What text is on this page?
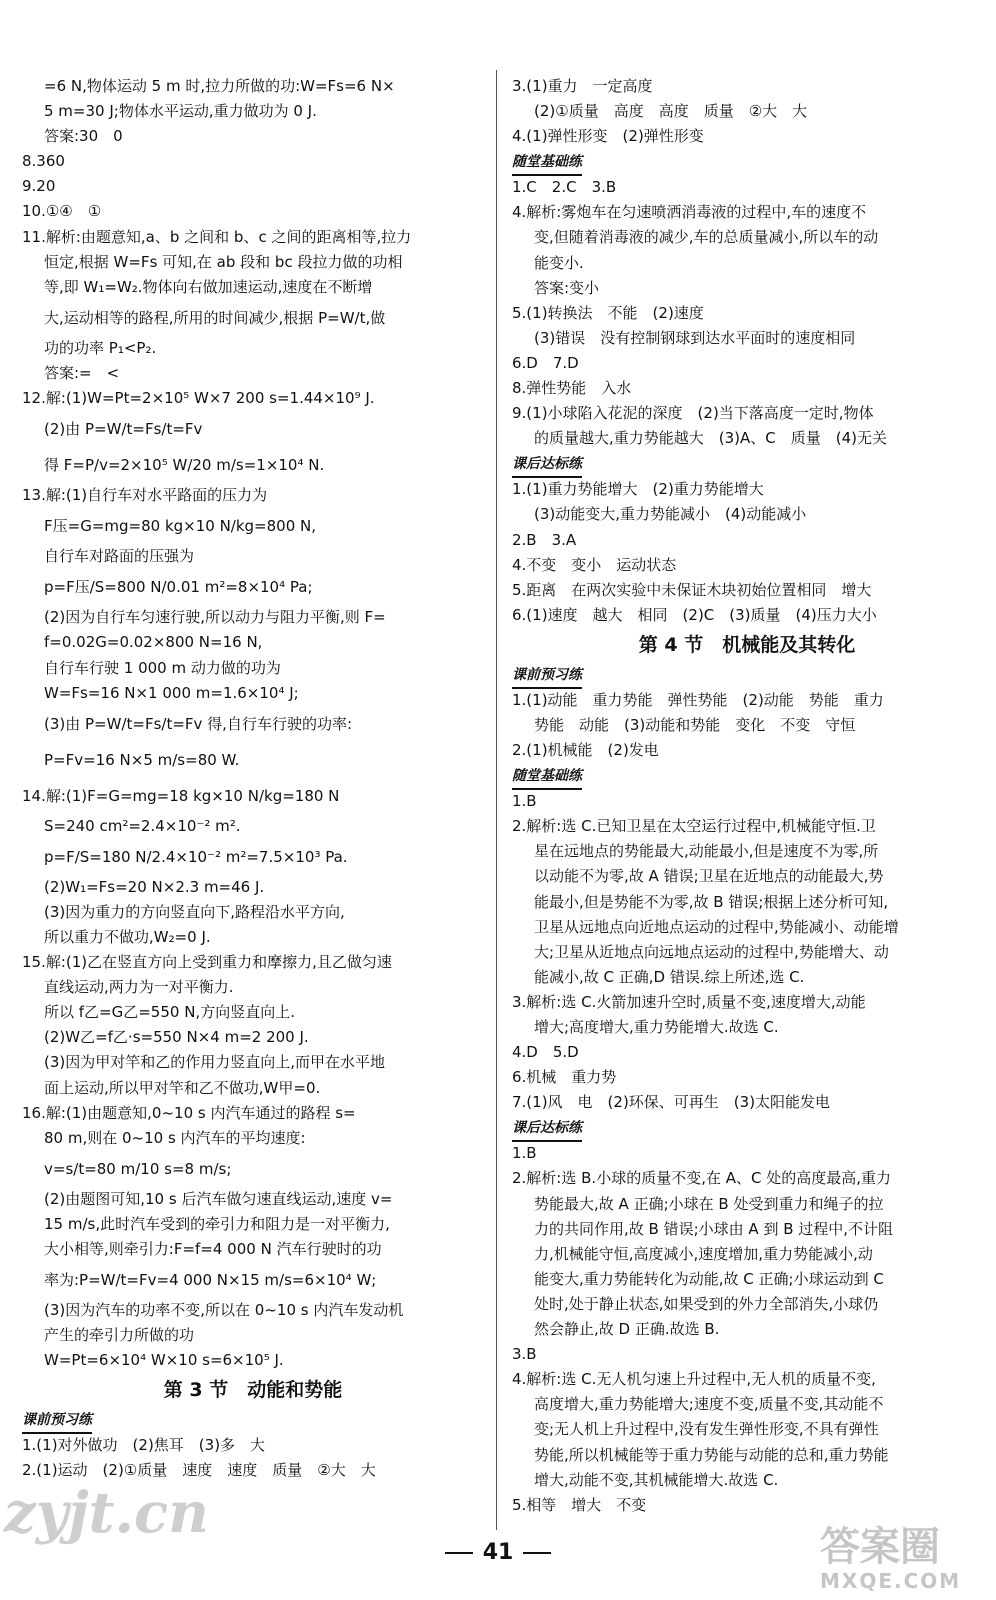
=6 N,物体运动 5 m 时,拉力所做的功:W=Fs=6 N×
5 m=30 J;物体水平运动,重力做功为 0 J.
答案:30　0
8.360
9.20
10.①④　①
11.解析:由题意知,a、b 之间和 b、c 之间的距离相等,拉力
恒定,根据 W=Fs 可知,在 ab 段和 bc 段拉力做的功相
等,即 W₁=W₂.物体向右做加速运动,速度在不断增
大,运动相等的路程,所用的时间减少,根据 P=W/t,做
功的功率 P₁<P₂.
答案:=　<
12.解:(1)W=Pt=2×10⁵ W×7 200 s=1.44×10⁹ J.
(2)由 P=W/t=Fs/t=Fv
得 F=P/v=2×10⁵ W/20 m/s=1×10⁴ N.
13.解:(1)自行车对水平路面的压力为
F压=G=mg=80 kg×10 N/kg=800 N,
自行车对路面的压强为
p=F压/S=800 N/0.01 m²=8×10⁴ Pa;
(2)因为自行车匀速行驶,所以动力与阻力平衡,则 F=
f=0.02G=0.02×800 N=16 N,
自行车行驶 1 000 m 动力做的功为
W=Fs=16 N×1 000 m=1.6×10⁴ J;
(3)由 P=W/t=Fs/t=Fv 得,自行车行驶的功率:
P=Fv=16 N×5 m/s=80 W.
14.解:(1)F=G=mg=18 kg×10 N/kg=180 N
S=240 cm²=2.4×10⁻² m².
p=F/S=180 N/2.4×10⁻² m²=7.5×10³ Pa.
(2)W₁=Fs=20 N×2.3 m=46 J.
(3)因为重力的方向竖直向下,路程沿水平方向,
所以重力不做功,W₂=0 J.
15.解:(1)乙在竖直方向上受到重力和摩擦力,且乙做匀速
直线运动,两力为一对平衡力.
所以 f乙=G乙=550 N,方向竖直向上.
(2)W乙=f乙·s=550 N×4 m=2 200 J.
(3)因为甲对竿和乙的作用力竖直向上,而甲在水平地
面上运动,所以甲对竿和乙不做功,W甲=0.
16.解:(1)由题意知,0~10 s 内汽车通过的路程 s=
80 m,则在 0~10 s 内汽车的平均速度:
v=s/t=80 m/10 s=8 m/s;
(2)由题图可知,10 s 后汽车做匀速直线运动,速度 v=
15 m/s,此时汽车受到的牵引力和阻力是一对平衡力,
大小相等,则牵引力:F=f=4 000 N 汽车行驶时的功
率为:P=W/t=Fv=4 000 N×15 m/s=6×10⁴ W;
(3)因为汽车的功率不变,所以在 0~10 s 内汽车发动机
产生的牵引力所做的功
W=Pt=6×10⁴ W×10 s=6×10⁵ J.
第 3 节　动能和势能
课前预习练
1.(1)对外做功　(2)焦耳　(3)多　大
2.(1)运动　(2)①质量　速度　速度　质量　②大　大
3.(1)重力　一定高度
(2)①质量　高度　高度　质量　②大　大
4.(1)弹性形变　(2)弹性形变
随堂基础练
1.C　2.C　3.B
4.解析:雾炮车在匀速喷洒消毒液的过程中,车的速度不
变,但随着消毒液的减少,车的总质量减小,所以车的动
能变小.
答案:变小
5.(1)转换法　不能　(2)速度
(3)错误　没有控制钢球到达水平面时的速度相同
6.D　7.D
8.弹性势能　入水
9.(1)小球陷入花泥的深度　(2)当下落高度一定时,物体
的质量越大,重力势能越大　(3)A、C　质量　(4)无关
课后达标练
1.(1)重力势能增大　(2)重力势能增大
(3)动能变大,重力势能减小　(4)动能减小
2.B　3.A
4.不变　变小　运动状态
5.距离　在两次实验中未保证木块初始位置相同　增大
6.(1)速度　越大　相同　(2)C　(3)质量　(4)压力大小
第 4 节　机械能及其转化
课前预习练
1.(1)动能　重力势能　弹性势能　(2)动能　势能　重力
势能　动能　(3)动能和势能　变化　不变　守恒
2.(1)机械能　(2)发电
随堂基础练
1.B
2.解析:选 C.已知卫星在太空运行过程中,机械能守恒.卫
星在远地点的势能最大,动能最小,但是速度不为零,所
以动能不为零,故 A 错误;卫星在近地点的动能最大,势
能最小,但是势能不为零,故 B 错误;根据上述分析可知,
卫星从远地点向近地点运动的过程中,势能减小、动能增
大;卫星从近地点向远地点运动的过程中,势能增大、动
能减小,故 C 正确,D 错误.综上所述,选 C.
3.解析:选 C.火箭加速升空时,质量不变,速度增大,动能
增大;高度增大,重力势能增大.故选 C.
4.D　5.D
6.机械　重力势
7.(1)风　电　(2)环保、可再生　(3)太阳能发电
课后达标练
1.B
2.解析:选 B.小球的质量不变,在 A、C 处的高度最高,重力
势能最大,故 A 正确;小球在 B 处受到重力和绳子的拉
力的共同作用,故 B 错误;小球由 A 到 B 过程中,不计阻
力,机械能守恒,高度减小,速度增加,重力势能减小,动
能变大,重力势能转化为动能,故 C 正确;小球运动到 C
处时,处于静止状态,如果受到的外力全部消失,小球仍
然会静止,故 D 正确.故选 B.
3.B
4.解析:选 C.无人机匀速上升过程中,无人机的质量不变,
高度增大,重力势能增大;速度不变,质量不变,其动能不
变;无人机上升过程中,没有发生弹性形变,不具有弹性
势能,所以机械能等于重力势能与动能的总和,重力势能
增大,动能不变,其机械能增大.故选 C.
5.相等　增大　不变
41
zyjt.cn
答案圈
MXQE.COM
